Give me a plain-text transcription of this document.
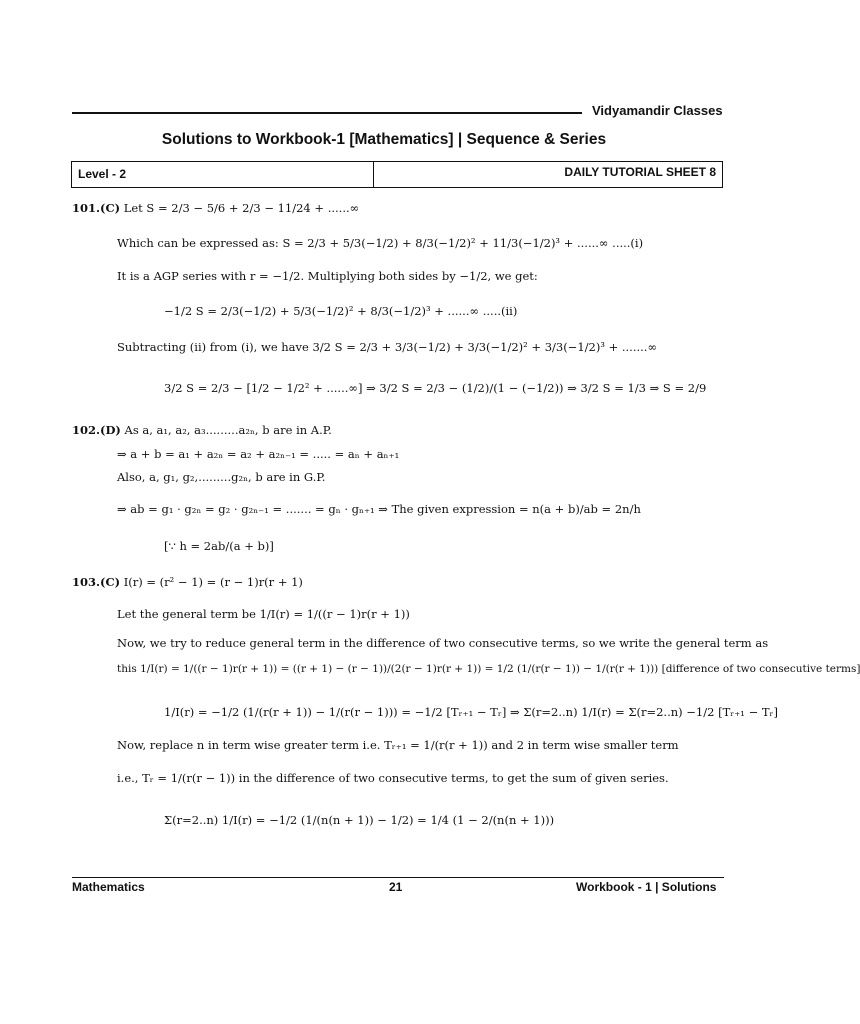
Vidyamandir Classes
Solutions to Workbook-1 [Mathematics] | Sequence & Series
Level - 2	DAILY TUTORIAL SHEET 8
101.(C) Let S = 2/3 − 5/6 + 2/3 − 11/24 + ......∞
Which can be expressed as: S = 2/3 + 5/3(−1/2) + 8/3(−1/2)² + 11/3(−1/2)³ + ......∞ .....(i)
It is a AGP series with r = −1/2. Multiplying both sides by −1/2, we get:
−1/2 S = 2/3(−1/2) + 5/3(−1/2)² + 8/3(−1/2)³ + ......∞ .....(ii)
Subtracting (ii) from (i), we have 3/2 S = 2/3 + 3/3(−1/2) + 3/3(−1/2)² + 3/3(−1/2)³ + .......∞
3/2 S = 2/3 − [1/2 − 1/2² + ......∞] ⇒ 3/2 S = 2/3 − (1/2)/(1 − (−1/2)) ⇒ 3/2 S = 1/3 ⇒ S = 2/9
102.(D) As a, a₁, a₂, a₃.........a₂ₙ, b are in A.P.
⇒ a + b = a₁ + a₂ₙ = a₂ + a₂ₙ₋₁ = ..... = aₙ + aₙ₊₁
Also, a, g₁, g₂,.........g₂ₙ, b are in G.P.
⇒ ab = g₁ · g₂ₙ = g₂ · g₂ₙ₋₁ = ....... = gₙ · gₙ₊₁ ⇒ The given expression = n(a + b)/ab = 2n/h
[∵ h = 2ab/(a + b)]
103.(C) I(r) = (r² − 1) = (r − 1)r(r + 1)
Let the general term be 1/I(r) = 1/((r − 1)r(r + 1))
Now, we try to reduce general term in the difference of two consecutive terms, so we write the general term as
this 1/I(r) = 1/((r − 1)r(r + 1)) = ((r + 1) − (r − 1))/(2(r − 1)r(r + 1)) = 1/2 (1/(r(r − 1)) − 1/(r(r + 1))) [difference of two consecutive terms]
1/I(r) = −1/2 (1/(r(r + 1)) − 1/(r(r − 1))) = −1/2 [Tᵣ₊₁ − Tᵣ] ⇒ Σ(r=2..n) 1/I(r) = Σ(r=2..n) −1/2 [Tᵣ₊₁ − Tᵣ]
Now, replace n in term wise greater term i.e. Tᵣ₊₁ = 1/(r(r + 1)) and 2 in term wise smaller term
i.e., Tᵣ = 1/(r(r − 1)) in the difference of two consecutive terms, to get the sum of given series.
Σ(r=2..n) 1/I(r) = −1/2 (1/(n(n + 1)) − 1/2) = 1/4 (1 − 2/(n(n + 1)))
Mathematics	21	Workbook - 1 | Solutions
